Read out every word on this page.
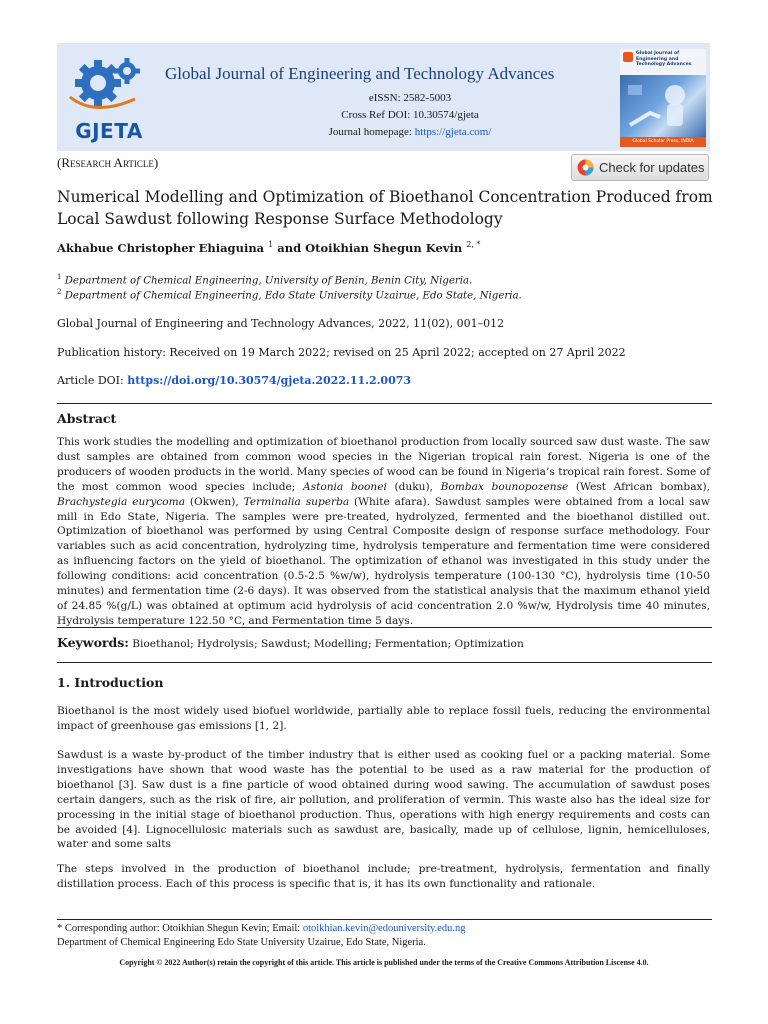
GJETA
Global Journal of Engineering and Technology Advances
eISSN: 2582-5003
Cross Ref DOI: 10.30574/gjeta
Journal homepage: https://gjeta.com/
Global Journal of Engineering and Technology Advances
Global Scholar Press, INDIA
(Research Article)	Check for updates
Numerical Modelling and Optimization of Bioethanol Concentration Produced from Local Sawdust following Response Surface Methodology
Akhabue Christopher Ehiaguina $^1$ and Otoikhian Shegun Kevin $^{2, *}$
$^1$ Department of Chemical Engineering, University of Benin, Benin City, Nigeria.
$^2$ Department of Chemical Engineering, Edo State University Uzairue, Edo State, Nigeria.
Global Journal of Engineering and Technology Advances, 2022, 11(02), 001–012
Publication history: Received on 19 March 2022; revised on 25 April 2022; accepted on 27 April 2022
Article DOI: https://doi.org/10.30574/gjeta.2022.11.2.0073
Abstract
This work studies the modelling and optimization of bioethanol production from locally sourced saw dust waste. The saw dust samples are obtained from common wood species in the Nigerian tropical rain forest. Nigeria is one of the producers of wooden products in the world. Many species of wood can be found in Nigeria’s tropical rain forest. Some of the most common wood species include; Astonia boonei (duku), Bombax bounopozense (West African bombax), Brachystegia eurycoma (Okwen), Terminalia superba (White afara). Sawdust samples were obtained from a local saw mill in Edo State, Nigeria. The samples were pre-treated, hydrolyzed, fermented and the bioethanol distilled out. Optimization of bioethanol was performed by using Central Composite design of response surface methodology. Four variables such as acid concentration, hydrolyzing time, hydrolysis temperature and fermentation time were considered as influencing factors on the yield of bioethanol. The optimization of ethanol was investigated in this study under the following conditions: acid concentration (0.5-2.5 %w/w), hydrolysis temperature (100-130 °C), hydrolysis time (10-50 minutes) and fermentation time (2-6 days). It was observed from the statistical analysis that the maximum ethanol yield of 24.85 %(g/L) was obtained at optimum acid hydrolysis of acid concentration 2.0 %w/w, Hydrolysis time 40 minutes, Hydrolysis temperature 122.50 °C, and Fermentation time 5 days.
Keywords: Bioethanol; Hydrolysis; Sawdust; Modelling; Fermentation; Optimization
1. Introduction
Bioethanol is the most widely used biofuel worldwide, partially able to replace fossil fuels, reducing the environmental impact of greenhouse gas emissions [1, 2].
Sawdust is a waste by-product of the timber industry that is either used as cooking fuel or a packing material. Some investigations have shown that wood waste has the potential to be used as a raw material for the production of bioethanol [3]. Saw dust is a fine particle of wood obtained during wood sawing. The accumulation of sawdust poses certain dangers, such as the risk of fire, air pollution, and proliferation of vermin. This waste also has the ideal size for processing in the initial stage of bioethanol production. Thus, operations with high energy requirements and costs can be avoided [4]. Lignocellulosic materials such as sawdust are, basically, made up of cellulose, lignin, hemicelluloses, water and some salts
The steps involved in the production of bioethanol include; pre-treatment, hydrolysis, fermentation and finally distillation process. Each of this process is specific that is, it has its own functionality and rationale.
* Corresponding author: Otoikhian Shegun Kevin; Email: otoikhian.kevin@edouniversity.edu.ng
Department of Chemical Engineering Edo State University Uzairue, Edo State, Nigeria.
Copyright © 2022 Author(s) retain the copyright of this article. This article is published under the terms of the Creative Commons Attribution Liscense 4.0.
